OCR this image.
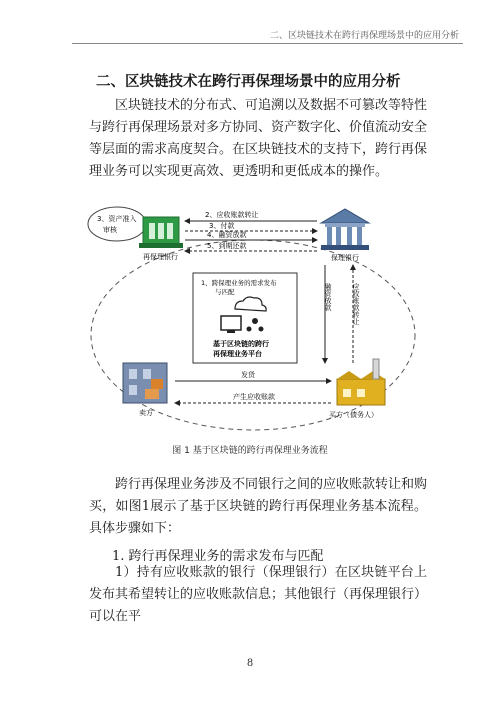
二、区块链技术在跨行再保理场景中的应用分析
二、区块链技术在跨行再保理场景中的应用分析

区块链技术的分布式、可追溯以及数据不可篡改等特性与跨行再保理场景对多方协同、资产数字化、价值流动安全等层面的需求高度契合。在区块链技术的支持下，跨行再保理业务可以实现更高效、更透明和更低成本的操作。

3、资产准入
审核
再保理银行	保理银行
2、应收账款转让
3、付款
4、融资放款
5、到期还款
1、跨保理业务的需求发布
与匹配
基于区块链的跨行
再保理业务平台
融资放款	应收账款转让
卖方	买方（债务人）
发货
产生应收账款
图 1 基于区块链的跨行再保理业务流程

跨行再保理业务涉及不同银行之间的应收账款转让和购买，如图1展示了基于区块链的跨行再保理业务基本流程。具体步骤如下：

1. 跨行再保理业务的需求发布与匹配

1）持有应收账款的银行（保理银行）在区块链平台上发布其希望转让的应收账款信息；其他银行（再保理银行）可以在平

8
